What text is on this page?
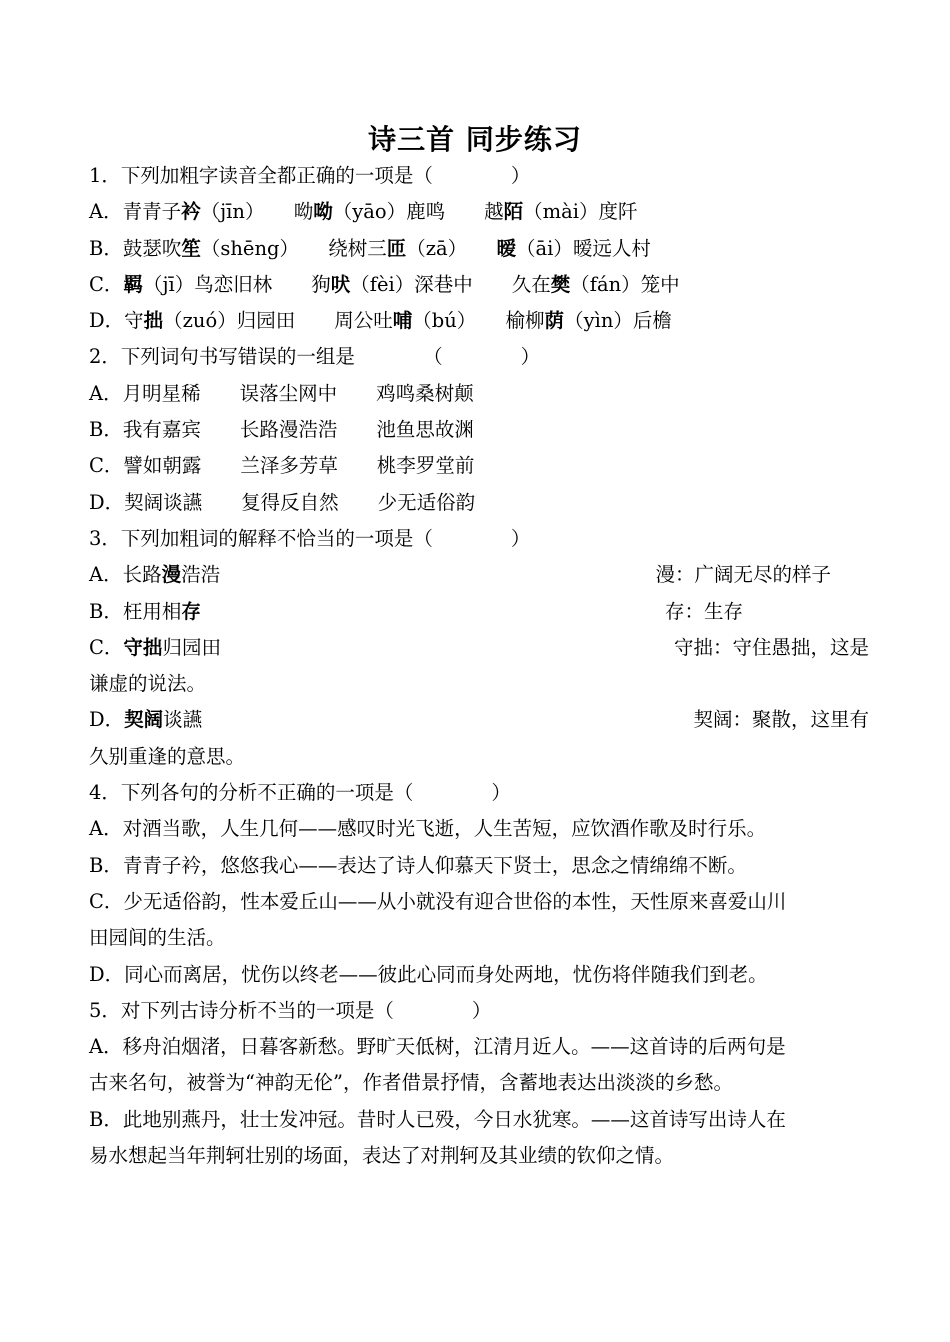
诗三首 同步练习
1．下列加粗字读音全都正确的一项是（　　　　）
A．青青子衿（jīn）　　呦呦（yāo）鹿鸣　　越陌（mài）度阡
B．鼓瑟吹笙（shēng）　　绕树三匝（zā）　　暧（āi）暧远人村
C．羁（jī）鸟恋旧林　　狗吠（fèi）深巷中　　久在樊（fán）笼中
D．守拙（zuó）归园田　　周公吐哺（bú）　　榆柳荫（yìn）后檐
2．下列词句书写错误的一组是　　　　（　　　　）
A．月明星稀　　误落尘网中　　鸡鸣桑树颠
B．我有嘉宾　　长路漫浩浩　　池鱼思故渊
C．譬如朝露　　兰泽多芳草　　桃李罗堂前
D．契阔谈讌　　复得反自然　　少无适俗韵
3．下列加粗词的解释不恰当的一项是（　　　　）
A．长路漫浩浩	漫：广阔无尽的样子
B．枉用相存	存：生存
C．守拙归园田	守拙：守住愚拙，这是
谦虚的说法。
D．契阔谈讌	契阔：聚散，这里有
久别重逢的意思。
4．下列各句的分析不正确的一项是（　　　　）
A．对酒当歌，人生几何——感叹时光飞逝，人生苦短，应饮酒作歌及时行乐。
B．青青子衿，悠悠我心——表达了诗人仰慕天下贤士，思念之情绵绵不断。
C．少无适俗韵，性本爱丘山——从小就没有迎合世俗的本性，天性原来喜爱山川
田园间的生活。
D．同心而离居，忧伤以终老——彼此心同而身处两地，忧伤将伴随我们到老。
5．对下列古诗分析不当的一项是（　　　　）
A．移舟泊烟渚，日暮客新愁。野旷天低树，江清月近人。——这首诗的后两句是
古来名句，被誉为“神韵无伦”，作者借景抒情，含蓄地表达出淡淡的乡愁。
B．此地别燕丹，壮士发冲冠。昔时人已殁，今日水犹寒。——这首诗写出诗人在
易水想起当年荆轲壮别的场面，表达了对荆轲及其业绩的钦仰之情。
